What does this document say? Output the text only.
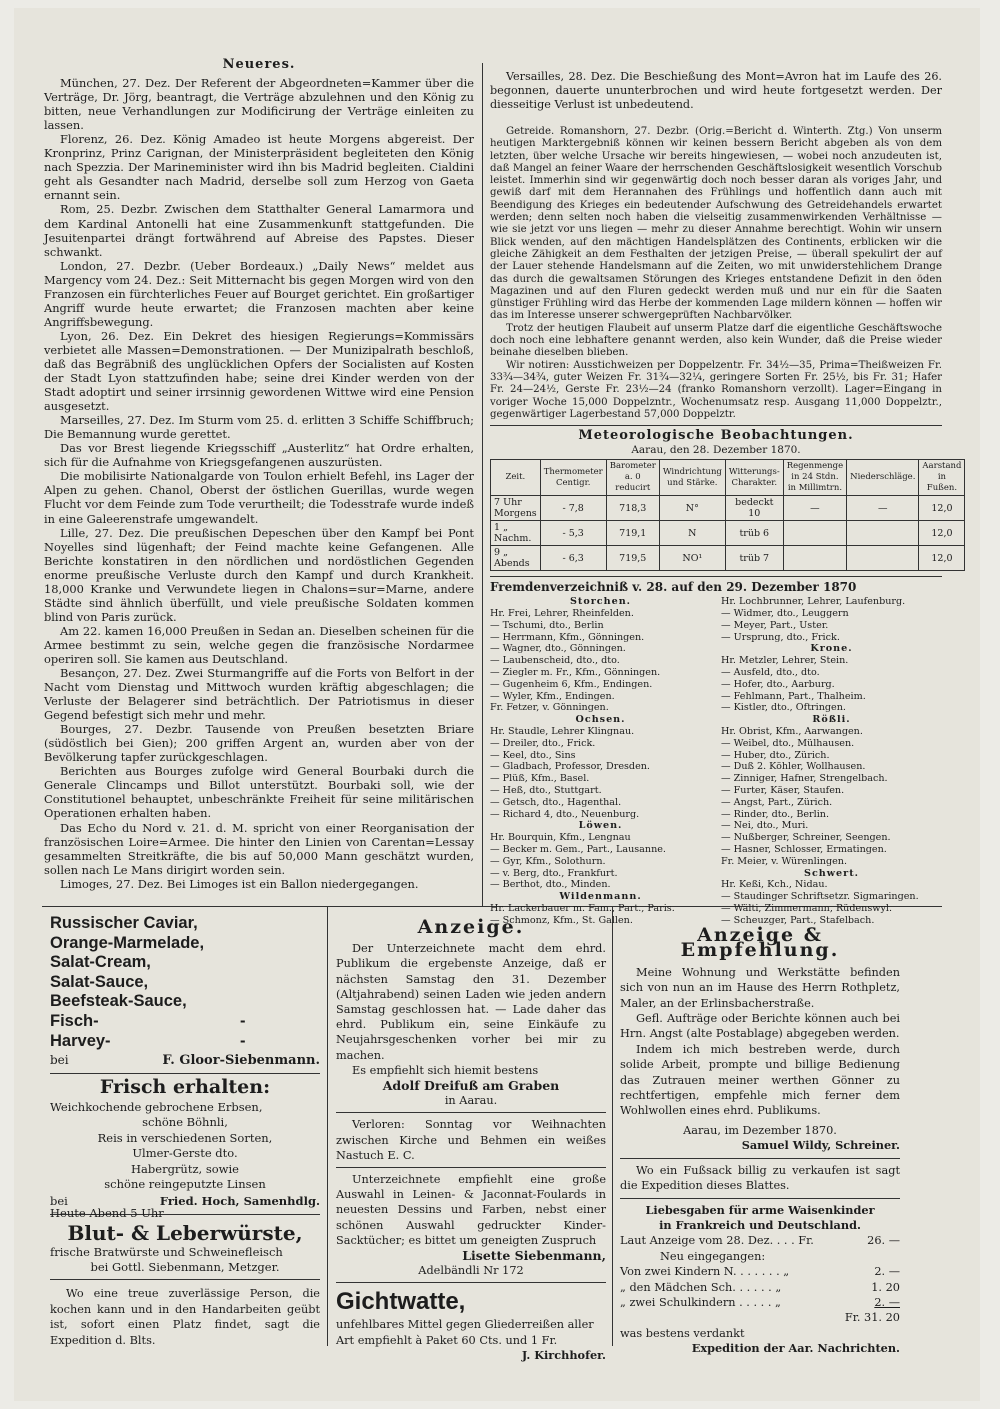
Neueres.

München, 27. Dez. Der Referent der Abgeordneten=Kammer über die Verträge, Dr. Jörg, beantragt, die Verträge abzulehnen und den König zu bitten, neue Verhandlungen zur Modificirung der Verträge einleiten zu lassen.

Florenz, 26. Dez. König Amadeo ist heute Morgens abgereist. Der Kronprinz, Prinz Carignan, der Ministerpräsident begleiteten den König nach Spezzia. Der Marineminister wird ihn bis Madrid begleiten. Cialdini geht als Gesandter nach Madrid, derselbe soll zum Herzog von Gaeta ernannt sein.

Rom, 25. Dezbr. Zwischen dem Statthalter General Lamarmora und dem Kardinal Antonelli hat eine Zusammenkunft stattgefunden. Die Jesuitenpartei drängt fortwährend auf Abreise des Papstes. Dieser schwankt.

London, 27. Dezbr. (Ueber Bordeaux.) „Daily News“ meldet aus Margency vom 24. Dez.: Seit Mitternacht bis gegen Morgen wird von den Franzosen ein fürchterliches Feuer auf Bourget gerichtet. Ein großartiger Angriff wurde heute erwartet; die Franzosen machten aber keine Angriffsbewegung.

Lyon, 26. Dez. Ein Dekret des hiesigen Regierungs=Kommissärs verbietet alle Massen=Demonstrationen. — Der Munizipalrath beschloß, daß das Begräbniß des unglücklichen Opfers der Socialisten auf Kosten der Stadt Lyon stattzufinden habe; seine drei Kinder werden von der Stadt adoptirt und seiner irrsinnig gewordenen Wittwe wird eine Pension ausgesetzt.

Marseilles, 27. Dez. Im Sturm vom 25. d. erlitten 3 Schiffe Schiffbruch; Die Bemannung wurde gerettet.

Das vor Brest liegende Kriegsschiff „Austerlitz“ hat Ordre erhalten, sich für die Aufnahme von Kriegsgefangenen auszurüsten.

Die mobilisirte Nationalgarde von Toulon erhielt Befehl, ins Lager der Alpen zu gehen. Chanol, Oberst der östlichen Guerillas, wurde wegen Flucht vor dem Feinde zum Tode verurtheilt; die Todesstrafe wurde indeß in eine Galeerenstrafe umgewandelt.

Lille, 27. Dez. Die preußischen Depeschen über den Kampf bei Pont Noyelles sind lügenhaft; der Feind machte keine Gefangenen. Alle Berichte konstatiren in den nördlichen und nordöstlichen Gegenden enorme preußische Verluste durch den Kampf und durch Krankheit. 18,000 Kranke und Verwundete liegen in Chalons=sur=Marne, andere Städte sind ähnlich überfüllt, und viele preußische Soldaten kommen blind von Paris zurück.

Am 22. kamen 16,000 Preußen in Sedan an. Dieselben scheinen für die Armee bestimmt zu sein, welche gegen die französische Nordarmee operiren soll. Sie kamen aus Deutschland.

Besançon, 27. Dez. Zwei Sturmangriffe auf die Forts von Belfort in der Nacht vom Dienstag und Mittwoch wurden kräftig abgeschlagen; die Verluste der Belagerer sind beträchtlich. Der Patriotismus in dieser Gegend befestigt sich mehr und mehr.

Bourges, 27. Dezbr. Tausende von Preußen besetzten Briare (südöstlich bei Gien); 200 griffen Argent an, wurden aber von der Bevölkerung tapfer zurückgeschlagen.

Berichten aus Bourges zufolge wird General Bourbaki durch die Generale Clincamps und Billot unterstützt. Bourbaki soll, wie der Constitutionel behauptet, unbeschränkte Freiheit für seine militärischen Operationen erhalten haben.

Das Echo du Nord v. 21. d. M. spricht von einer Reorganisation der französischen Loire=Armee. Die hinter den Linien von Carentan=Lessay gesammelten Streitkräfte, die bis auf 50,000 Mann geschätzt wurden, sollen nach Le Mans dirigirt worden sein.

Limoges, 27. Dez. Bei Limoges ist ein Ballon niedergegangen.

Versailles, 28. Dez. Die Beschießung des Mont=Avron hat im Laufe des 26. begonnen, dauerte ununterbrochen und wird heute fortgesetzt werden. Der diesseitige Verlust ist unbedeutend.

Getreide. Romanshorn, 27. Dezbr. (Orig.=Bericht d. Winterth. Ztg.) Von unserm heutigen Marktergebniß können wir keinen bessern Bericht abgeben als von dem letzten, über welche Ursache wir bereits hingewiesen, — wobei noch anzudeuten ist, daß Mangel an feiner Waare der herrschenden Geschäftslosigkeit wesentlich Vorschub leistet. Immerhin sind wir gegenwärtig doch noch besser daran als voriges Jahr, und gewiß darf mit dem Herannahen des Frühlings und hoffentlich dann auch mit Beendigung des Krieges ein bedeutender Aufschwung des Getreidehandels erwartet werden; denn selten noch haben die vielseitig zusammenwirkenden Verhältnisse — wie sie jetzt vor uns liegen — mehr zu dieser Annahme berechtigt. Wohin wir unsern Blick wenden, auf den mächtigen Handelsplätzen des Continents, erblicken wir die gleiche Zähigkeit an dem Festhalten der jetzigen Preise, — überall spekulirt der auf der Lauer stehende Handelsmann auf die Zeiten, wo mit unwiderstehlichem Drange das durch die gewaltsamen Störungen des Krieges entstandene Defizit in den öden Magazinen und auf den Fluren gedeckt werden muß und nur ein für die Saaten günstiger Frühling wird das Herbe der kommenden Lage mildern können — hoffen wir das im Interesse unserer schwergeprüften Nachbarvölker.

Trotz der heutigen Flaubeit auf unserm Platze darf die eigentliche Geschäftswoche doch noch eine lebhaftere genannt werden, also kein Wunder, daß die Preise wieder beinahe dieselben blieben.

Wir notiren: Ausstichweizen per Doppelzentr. Fr. 34½—35, Prima=Theißweizen Fr. 33¾—34¾, guter Weizen Fr. 31¾—32¼, geringere Sorten Fr. 25½, bis Fr. 31; Hafer Fr. 24—24½, Gerste Fr. 23½—24 (franko Romanshorn verzollt). Lager=Eingang in voriger Woche 15,000 Doppelzntr., Wochenumsatz resp. Ausgang 11,000 Doppelztr., gegenwärtiger Lagerbestand 57,000 Doppelztr.

Meteorologische Beobachtungen.
Aarau, den 28. Dezember 1870.
Zeit.	Thermometer Centigr.	Barometer a. 0 reducirt	Windrichtung und Stärke.	Witterungs-Charakter.	Regenmenge in 24 Stdn. in Millimtrn.	Niederschläge.	Aarstand in Fußen.
7 Uhr Morgens	- 7,8	718,3	N°	bedeckt 10	—	—	12,0
1 „ Nachm.	- 5,3	719,1	N	trüb 6			12,0
9 „ Abends	- 6,3	719,5	NO¹	trüb 7			12,0
Fremdenverzeichniß v. 28. auf den 29. Dezember 1870
Storchen.
Hr. Frei, Lehrer, Rheinfelden.
— Tschumi, dto., Berlin
— Herrmann, Kfm., Gönningen.
— Wagner, dto., Gönningen.
— Laubenscheid, dto., dto.
— Ziegler m. Fr., Kfm., Gönningen.
— Gugenheim 6, Kfm., Endingen.
— Wyler, Kfm., Endingen.
Fr. Fetzer, v. Gönningen.
Ochsen.
Hr. Staudle, Lehrer Klingnau.
— Dreiler, dto., Frick.
— Keel, dto., Sins
— Gladbach, Professor, Dresden.
— Plüß, Kfm., Basel.
— Heß, dto., Stuttgart.
— Getsch, dto., Hagenthal.
— Richard 4, dto., Neuenburg.
Löwen.
Hr. Bourquin, Kfm., Lengnau
— Becker m. Gem., Part., Lausanne.
— Gyr, Kfm., Solothurn.
— v. Berg, dto., Frankfurt.
— Berthot, dto., Minden.
Wildenmann.
Hr. Lackerbauer m. Fam., Part., Paris.
— Schmonz, Kfm., St. Gallen.
Hr. Lochbrunner, Lehrer, Laufenburg.
— Widmer, dto., Leuggern
— Meyer, Part., Uster.
— Ursprung, dto., Frick.
Krone.
Hr. Metzler, Lehrer, Stein.
— Ausfeld, dto., dto.
— Hofer, dto., Aarburg.
— Fehlmann, Part., Thalheim.
— Kistler, dto., Oftringen.
Rößli.
Hr. Obrist, Kfm., Aarwangen.
— Weibel, dto., Mülhausen.
— Huber, dto., Zürich.
— Duß 2. Köhler, Wollhausen.
— Zinniger, Hafner, Strengelbach.
— Furter, Käser, Staufen.
— Angst, Part., Zürich.
— Rinder, dto., Berlin.
— Nei, dto., Muri.
— Nußberger, Schreiner, Seengen.
— Hasner, Schlosser, Ermatingen.
Fr. Meier, v. Würenlingen.
Schwert.
Hr. Keßi, Kch., Nidau.
— Staudinger Schriftsetzr. Sigmaringen.
— Wälti, Zimmermann, Rüdenswyl.
— Scheuzger, Part., Stafelbach.
Russischer Caviar,
Orange-Marmelade,
Salat-Cream,
Salat-Sauce,
Beefsteak-Sauce,
Fisch-	-
Harvey-	-
bei	F. Gloor-Siebenmann.
Frisch erhalten:
Weichkochende gebrochene Erbsen,
schöne Böhnli,
Reis in verschiedenen Sorten,
Ulmer-Gerste dto.
Habergrütz, sowie
schöne reingeputzte Linsen
bei	Fried. Hoch, Samenhdlg.
Heute Abend 5 Uhr
Blut- & Leberwürste,
frische Bratwürste und Schweinefleisch
bei Gottl. Siebenmann, Metzger.

Wo eine treue zuverlässige Person, die kochen kann und in den Handarbeiten geübt ist, sofort einen Platz findet, sagt die Expedition d. Blts.

Anzeige.

Der Unterzeichnete macht dem ehrd. Publikum die ergebenste Anzeige, daß er nächsten Samstag den 31. Dezember (Altjahrabend) seinen Laden wie jeden andern Samstag geschlossen hat. — Lade daher das ehrd. Publikum ein, seine Einkäufe zu Neujahrsgeschenken vorher bei mir zu machen.

Es empfiehlt sich hiemit bestens

Adolf Dreifuß am Graben
in Aarau.

Verloren: Sonntag vor Weihnachten zwischen Kirche und Behmen ein weißes Nastuch E. C.

Unterzeichnete empfiehlt eine große Auswahl in Leinen- & Jaconnat-Foulards in neuesten Dessins und Farben, nebst einer schönen Auswahl gedruckter Kinder-Sacktücher; es bittet um geneigten Zuspruch

Lisette Siebenmann,
Adelbändli Nr 172
Gichtwatte,

unfehlbares Mittel gegen Gliederreißen aller Art empfiehlt à Paket 60 Cts. und 1 Fr.

J. Kirchhofer.
Anzeige & Empfehlung.

Meine Wohnung und Werkstätte befinden sich von nun an im Hause des Herrn Rothpletz, Maler, an der Erlinsbacherstraße.

Gefl. Aufträge oder Berichte können auch bei Hrn. Angst (alte Postablage) abgegeben werden.

Indem ich mich bestreben werde, durch solide Arbeit, prompte und billige Bedienung das Zutrauen meiner werthen Gönner zu rechtfertigen, empfehle mich ferner dem Wohlwollen eines ehrd. Publikums.

Aarau, im Dezember 1870.
Samuel Wildy, Schreiner.

Wo ein Fußsack billig zu verkaufen ist sagt die Expedition dieses Blattes.

Liebesgaben für arme Waisenkinder
in Frankreich und Deutschland.
Laut Anzeige vom 28. Dez. . . . Fr.	26. —
Neu eingegangen:
Von zwei Kindern N. . . . . . . „	2. —
„ den Mädchen Sch. . . . . . „	1. 20
„ zwei Schulkindern . . . . . „	2. —
Fr. 31. 20
was bestens verdankt
Expedition der Aar. Nachrichten.
